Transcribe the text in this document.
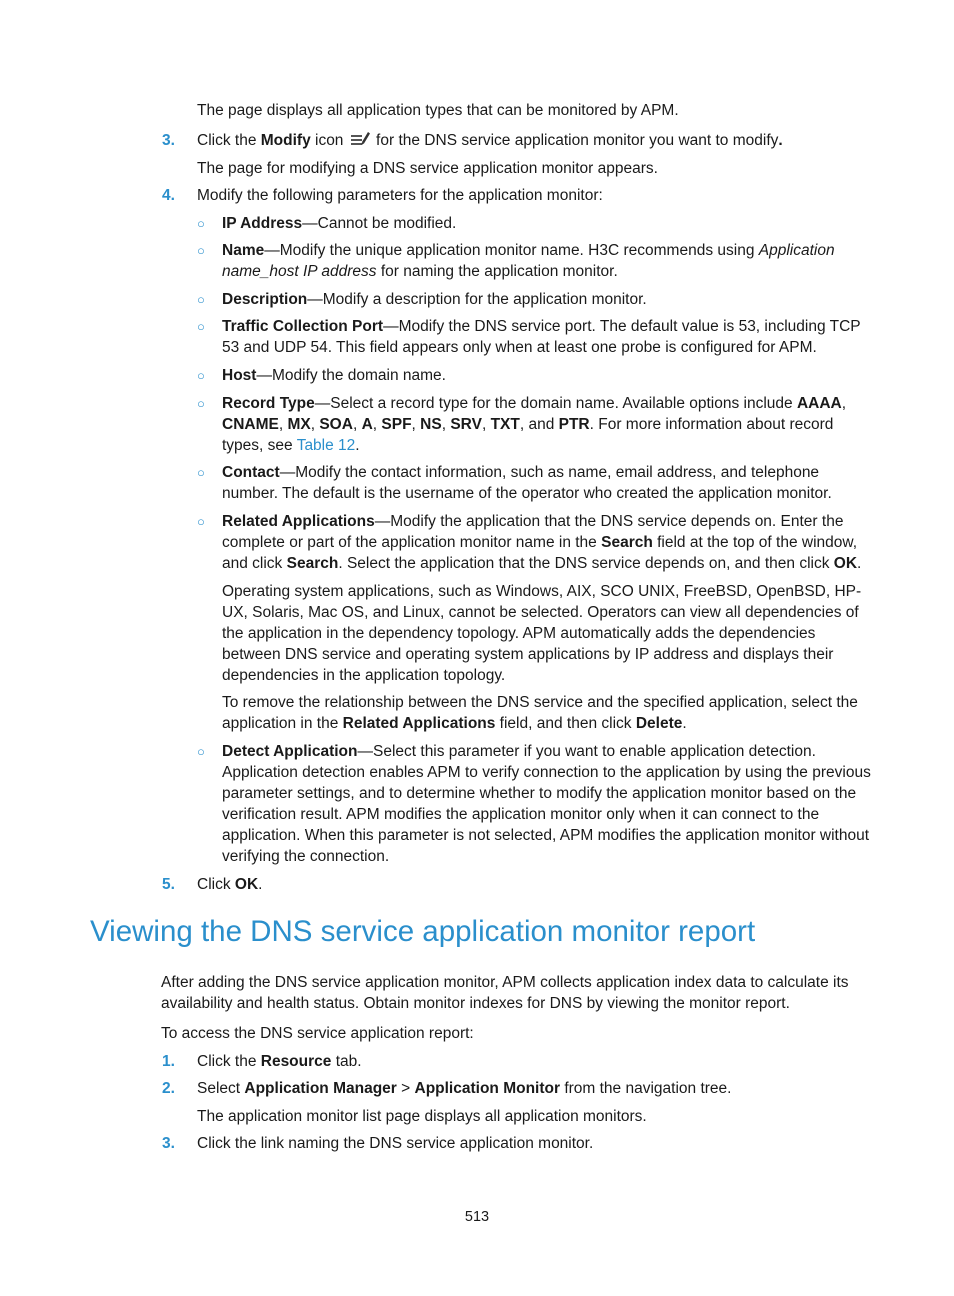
The page displays all application types that can be monitored by APM.
3. Click the Modify icon  for the DNS service application monitor you want to modify.
The page for modifying a DNS service application monitor appears.
4. Modify the following parameters for the application monitor:
○ IP Address—Cannot be modified.
○ Name—Modify the unique application monitor name. H3C recommends using Application name_host IP address for naming the application monitor.
○ Description—Modify a description for the application monitor.
○ Traffic Collection Port—Modify the DNS service port. The default value is 53, including TCP 53 and UDP 54. This field appears only when at least one probe is configured for APM.
○ Host—Modify the domain name.
○ Record Type—Select a record type for the domain name. Available options include AAAA, CNAME, MX, SOA, A, SPF, NS, SRV, TXT, and PTR. For more information about record types, see Table 12.
○ Contact—Modify the contact information, such as name, email address, and telephone number. The default is the username of the operator who created the application monitor.
○ Related Applications—Modify the application that the DNS service depends on. Enter the complete or part of the application monitor name in the Search field at the top of the window, and click Search. Select the application that the DNS service depends on, and then click OK.
Operating system applications, such as Windows, AIX, SCO UNIX, FreeBSD, OpenBSD, HP-UX, Solaris, Mac OS, and Linux, cannot be selected. Operators can view all dependencies of the application in the dependency topology. APM automatically adds the dependencies between DNS service and operating system applications by IP address and displays their dependencies in the application topology.
To remove the relationship between the DNS service and the specified application, select the application in the Related Applications field, and then click Delete.
○ Detect Application—Select this parameter if you want to enable application detection. Application detection enables APM to verify connection to the application by using the previous parameter settings, and to determine whether to modify the application monitor based on the verification result. APM modifies the application monitor only when it can connect to the application. When this parameter is not selected, APM modifies the application monitor without verifying the connection.
5. Click OK.
Viewing the DNS service application monitor report
After adding the DNS service application monitor, APM collects application index data to calculate its availability and health status. Obtain monitor indexes for DNS by viewing the monitor report.
To access the DNS service application report:
1. Click the Resource tab.
2. Select Application Manager > Application Monitor from the navigation tree.
The application monitor list page displays all application monitors.
3. Click the link naming the DNS service application monitor.
513
